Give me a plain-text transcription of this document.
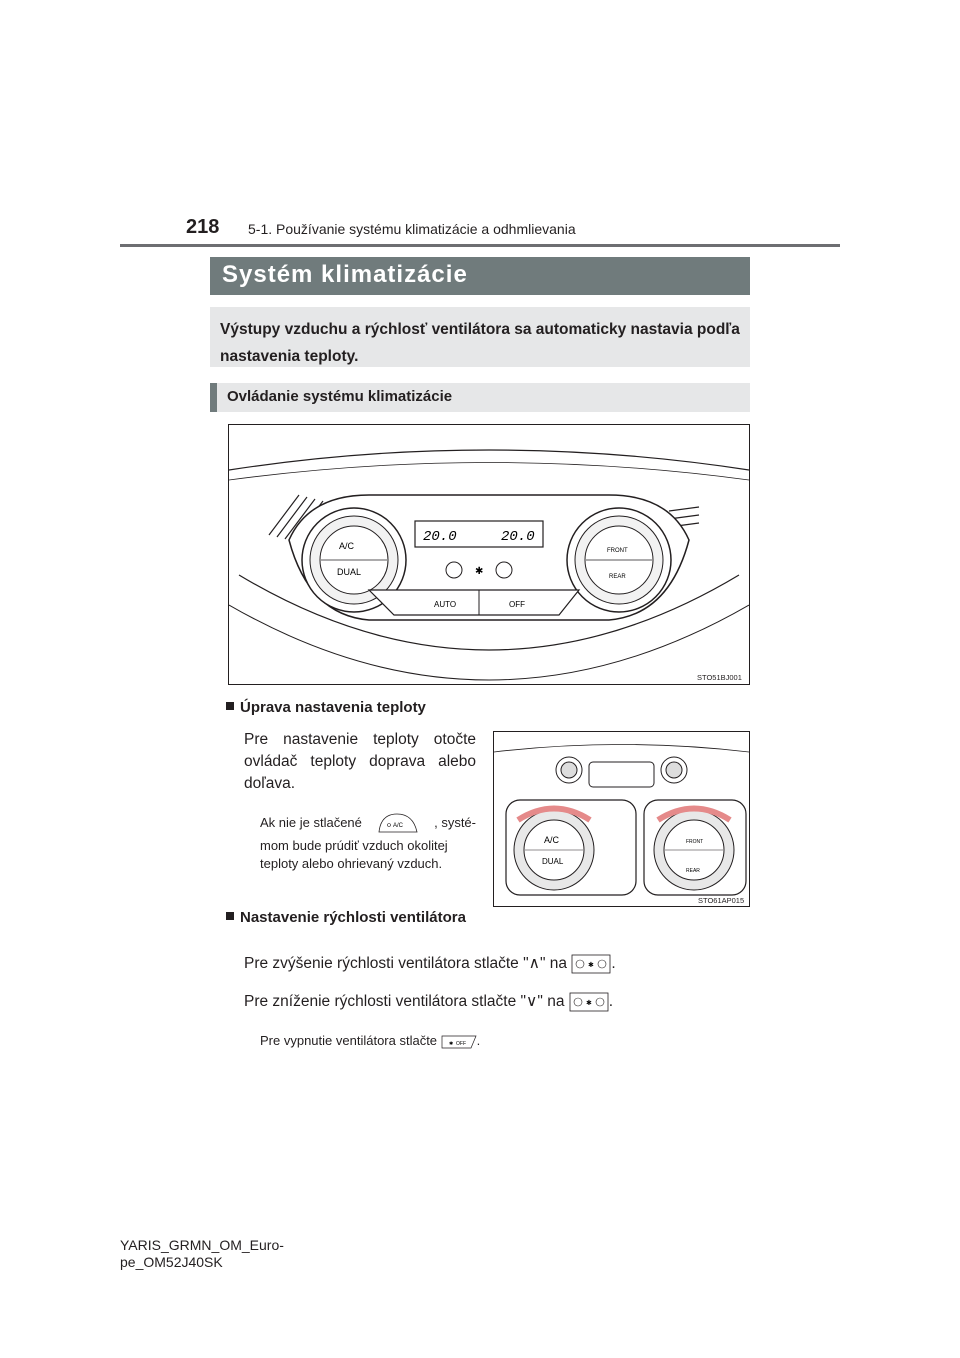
218 5-1. Používanie systému klimatizácie a odhmlievania
Systém klimatizácie
Výstupy vzduchu a rýchlosť ventilátora sa automaticky nastavia podľa nastavenia teploty.
Ovládanie systému klimatizácie
A/C
DUAL
FRONT
REAR
20.0	20.0
✱
AUTO	OFF
STO51BJ001
Úprava nastavenia teploty
Pre nastavenie teploty otočte ovládač teploty doprava alebo doľava.
Ak nie je stlačené	A/C , systé-
mom bude prúdiť vzduch okolitej
teploty alebo ohrievaný vzduch.
A/C
DUAL
FRONT
REAR
STO61AP015
Nastavenie rýchlosti ventilátora
Pre zvýšenie rýchlosti ventilátora stlačte "∧" na	✱ .
Pre zníženie rýchlosti ventilátora stlačte "∨" na	✱ .
Pre vypnutie ventilátora stlačte ✱ OFF .
YARIS_GRMN_OM_Euro-
pe_OM52J40SK
